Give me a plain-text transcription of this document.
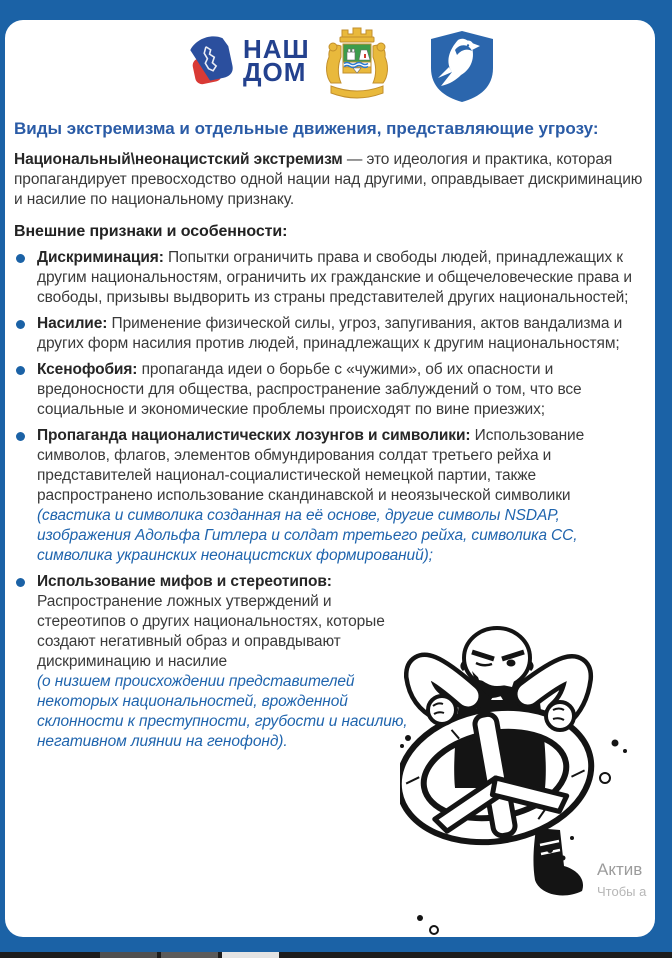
НАШ
ДОМ
Виды экстремизма и отдельные движения, представляющие угрозу:

Национальный\неонацистский экстремизм — это идеология и практика, которая пропагандирует превосходство одной нации над другими, оправдывает дискриминацию и насилие по национальному признаку.

Внешние признаки и особенности:
Дискриминация: Попытки ограничить права и свободы людей, принадлежащих к другим национальностям, ограничить их гражданские и общечеловеческие права и свободы, призывы выдворить из страны представителей других национальностей;
Насилие: Применение физической силы, угроз, запугивания, актов вандализма и других форм насилия против людей, принадлежащих к другим национальностям;
Ксенофобия: пропаганда идеи о борьбе с «чужими», об их опасности и вредоносности для общества, распространение заблуждений о том, что все социальные и экономические проблемы происходят по вине приезжих;
Пропаганда националистических лозунгов и символики: Использование символов, флагов, элементов обмундирования солдат третьего рейха и представителей национал-социалистической немецкой партии, также распространено использование скандинавской и неоязыческой символики
(свастика и символика созданная на её основе, другие символы NSDAP, изображения Адольфа Гитлера и солдат третьего рейха, символика СС, символика украинских неонацистских формирований);
Использование мифов и стереотипов: Распространение ложных утверждений и стереотипов о других национальностях, которые создают негативный образ и оправдывают дискриминацию и насилие
(о низшем происхождении представителей некоторых национальностей, врожденной склонности к преступности, грубости и насилию, негативном лиянии на генофонд).
Актив
Чтобы а
